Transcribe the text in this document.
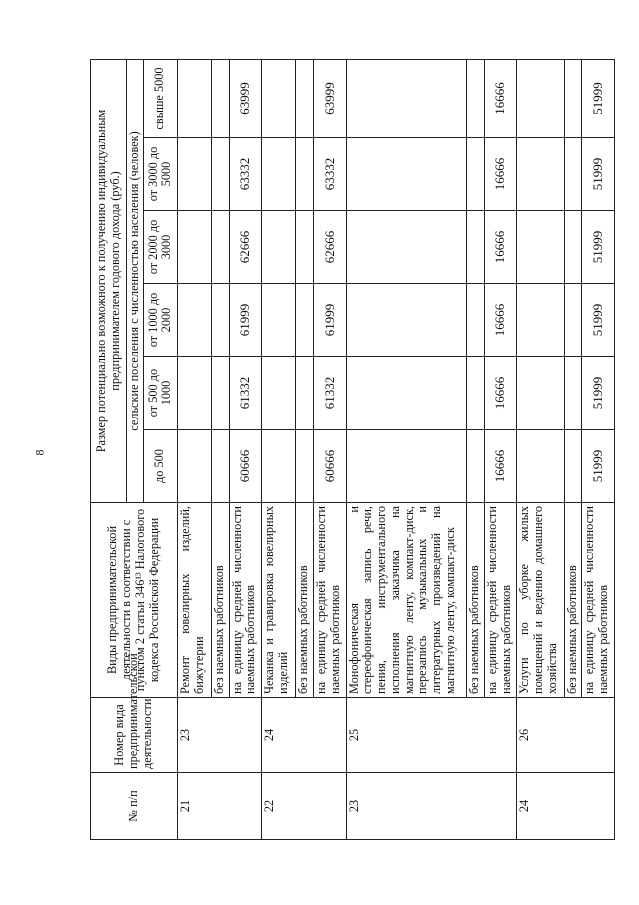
8
№ п/п	Номер вида предпринимательской деятельности	Виды предпринимательской деятельности в соответствии с пунктом 2 статьи 346¹³ Налогового кодекса Российской Федерации	Размер потенциально возможного к получению индивидуальным предпринимателем годового дохода (руб.)					
			сельские поселения с численностью населения (человек)					
			до 500	от 500 до 1000	от 1000 до 2000	от 2000 до 3000	от 3000 до 5000	свыше 5000
21	23	Ремонт ювелирных изделий, бижутерии						
		без наемных работников						
		на единицу средней численности наемных работников	60666	61332	61999	62666	63332	63999
22	24	Чеканка и гравировка ювелирных изделий						
		без наемных работников						
		на единицу средней численности наемных работников	60666	61332	61999	62666	63332	63999
23	25	Монофоническая и стереофоническая запись речи, пения, инструментального исполнения заказчика на магнитную ленту, компакт-диск, перезапись музыкальных и литературных произведений на магнитную ленту, компакт-диск						
		без наемных работников						
		на единицу средней численности наемных работников	16666	16666	16666	16666	16666	16666
24	26	Услуги по уборке жилых помещений и ведению домашнего хозяйства						
		без наемных работников						
		на единицу средней численности наемных работников	51999	51999	51999	51999	51999	51999
